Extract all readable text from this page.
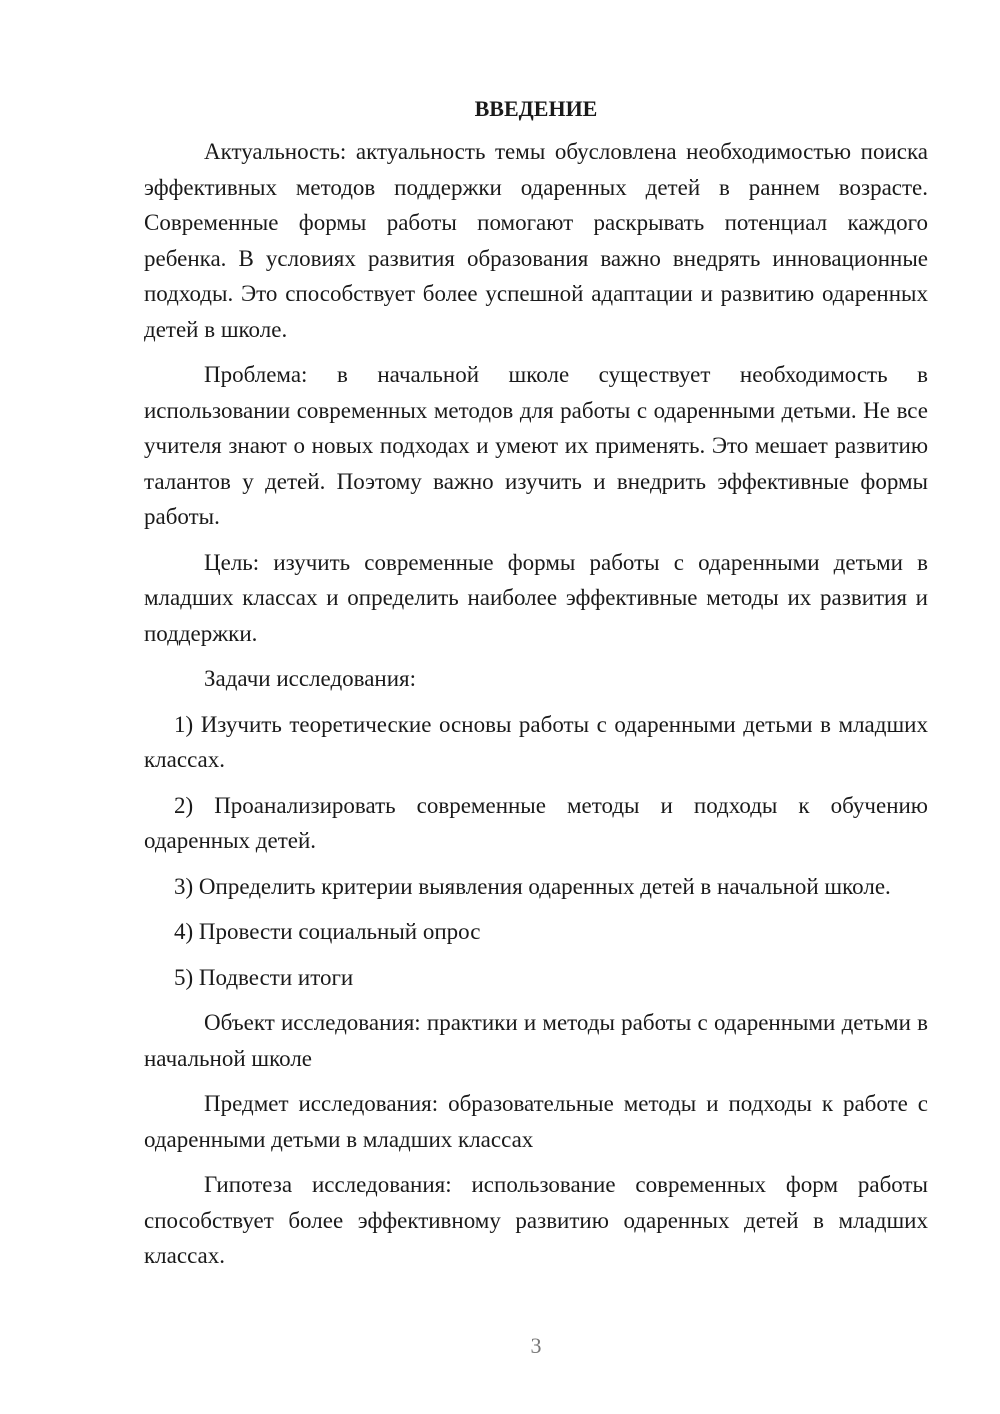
ВВЕДЕНИЕ

Актуальность: актуальность темы обусловлена необходимостью поиска эффективных методов поддержки одаренных детей в раннем возрасте. Современные формы работы помогают раскрывать потенциал каждого ребенка. В условиях развития образования важно внедрять инновационные подходы. Это способствует более успешной адаптации и развитию одаренных детей в школе.

Проблема: в начальной школе существует необходимость в использовании современных методов для работы с одаренными детьми. Не все учителя знают о новых подходах и умеют их применять. Это мешает развитию талантов у детей. Поэтому важно изучить и внедрить эффективные формы работы.

Цель: изучить современные формы работы с одаренными детьми в младших классах и определить наиболее эффективные методы их развития и поддержки.

Задачи исследования:

1) Изучить теоретические основы работы с одаренными детьми в младших классах.

2) Проанализировать современные методы и подходы к обучению одаренных детей.

3) Определить критерии выявления одаренных детей в начальной школе.

4) Провести социальный опрос

5) Подвести итоги

Объект исследования: практики и методы работы с одаренными детьми в начальной школе

Предмет исследования: образовательные методы и подходы к работе с одаренными детьми в младших классах

Гипотеза исследования: использование современных форм работы способствует более эффективному развитию одаренных детей в младших классах.

3
